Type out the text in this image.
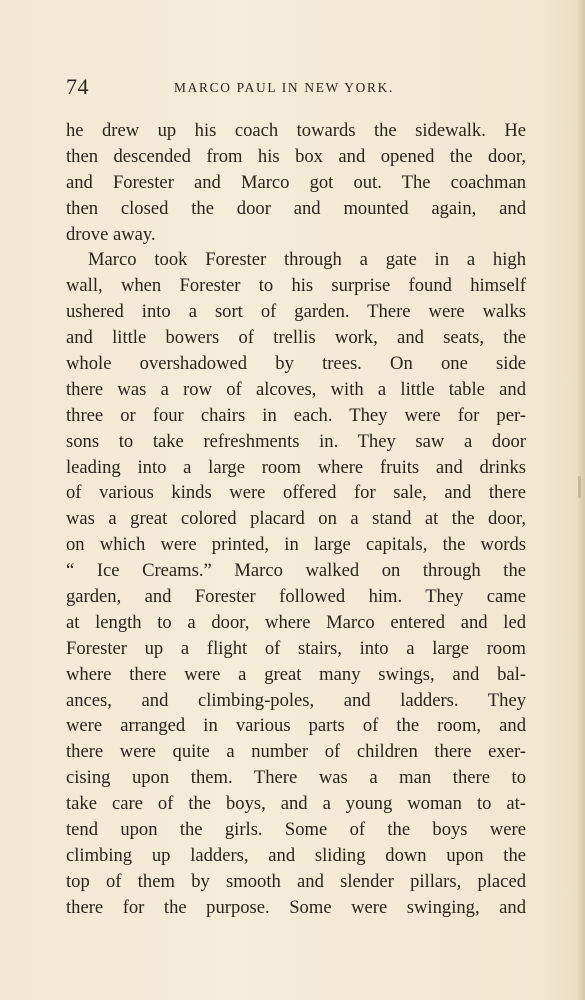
74	MARCO PAUL IN NEW YORK.
he drew up his coach towards the sidewalk. He
then descended from his box and opened the door,
and Forester and Marco got out. The coachman
then closed the door and mounted again, and
drove away.
Marco took Forester through a gate in a high
wall, when Forester to his surprise found himself
ushered into a sort of garden. There were walks
and little bowers of trellis work, and seats, the
whole overshadowed by trees. On one side
there was a row of alcoves, with a little table and
three or four chairs in each. They were for per-
sons to take refreshments in. They saw a door
leading into a large room where fruits and drinks
of various kinds were offered for sale, and there
was a great colored placard on a stand at the door,
on which were printed, in large capitals, the words
“ Ice Creams.” Marco walked on through the
garden, and Forester followed him. They came
at length to a door, where Marco entered and led
Forester up a flight of stairs, into a large room
where there were a great many swings, and bal-
ances, and climbing-poles, and ladders. They
were arranged in various parts of the room, and
there were quite a number of children there exer-
cising upon them. There was a man there to
take care of the boys, and a young woman to at-
tend upon the girls. Some of the boys were
climbing up ladders, and sliding down upon the
top of them by smooth and slender pillars, placed
there for the purpose. Some were swinging, and
